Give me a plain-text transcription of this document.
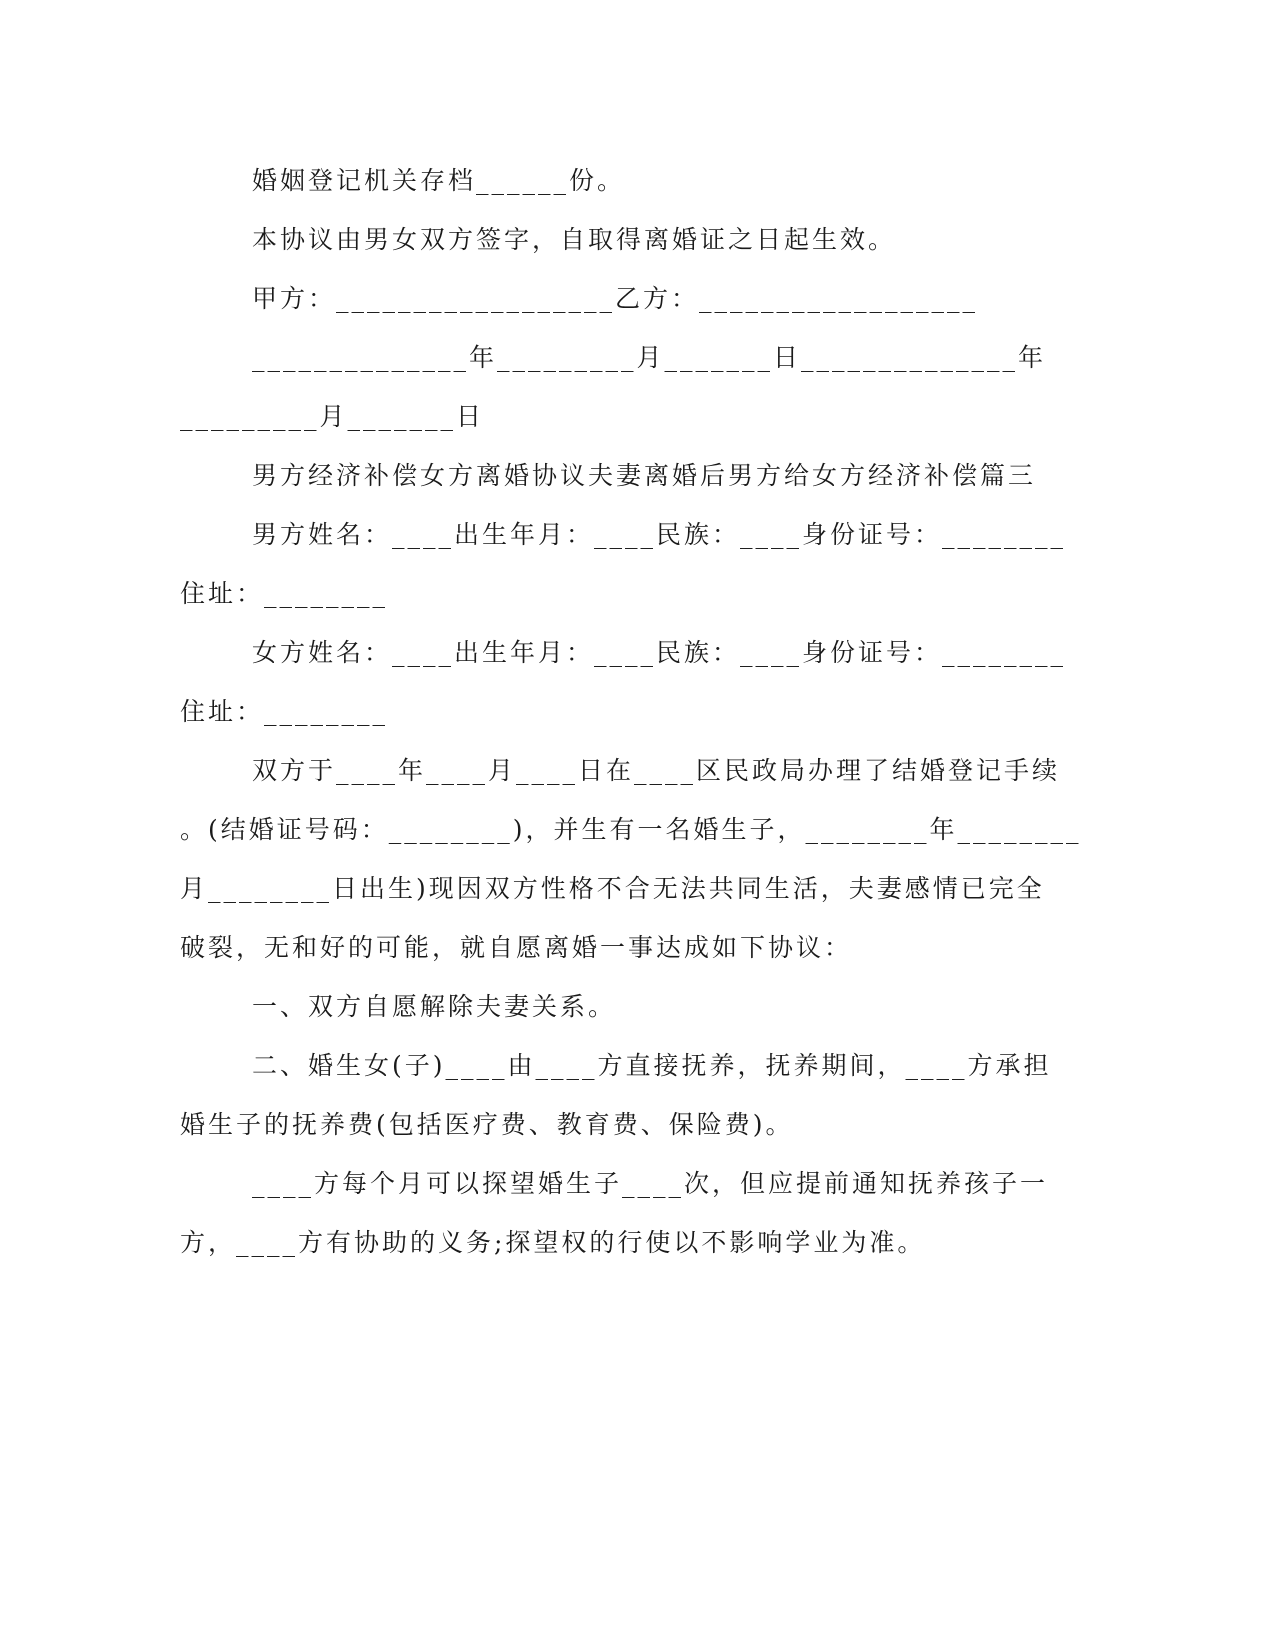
婚姻登记机关存档______份。
本协议由男女双方签字，自取得离婚证之日起生效。
甲方：__________________乙方：__________________
______________年_________月_______日______________年
_________月_______日
男方经济补偿女方离婚协议夫妻离婚后男方给女方经济补偿篇三
男方姓名：____出生年月：____民族：____身份证号：________
住址：________
女方姓名：____出生年月：____民族：____身份证号：________
住址：________
双方于____年____月____日在____区民政局办理了结婚登记手续
。(结婚证号码：________)，并生有一名婚生子，________年________
月________日出生)现因双方性格不合无法共同生活，夫妻感情已完全
破裂，无和好的可能，就自愿离婚一事达成如下协议：
一、双方自愿解除夫妻关系。
二、婚生女(子)____由____方直接抚养，抚养期间，____方承担
婚生子的抚养费(包括医疗费、教育费、保险费)。
____方每个月可以探望婚生子____次，但应提前通知抚养孩子一
方，____方有协助的义务;探望权的行使以不影响学业为准。
